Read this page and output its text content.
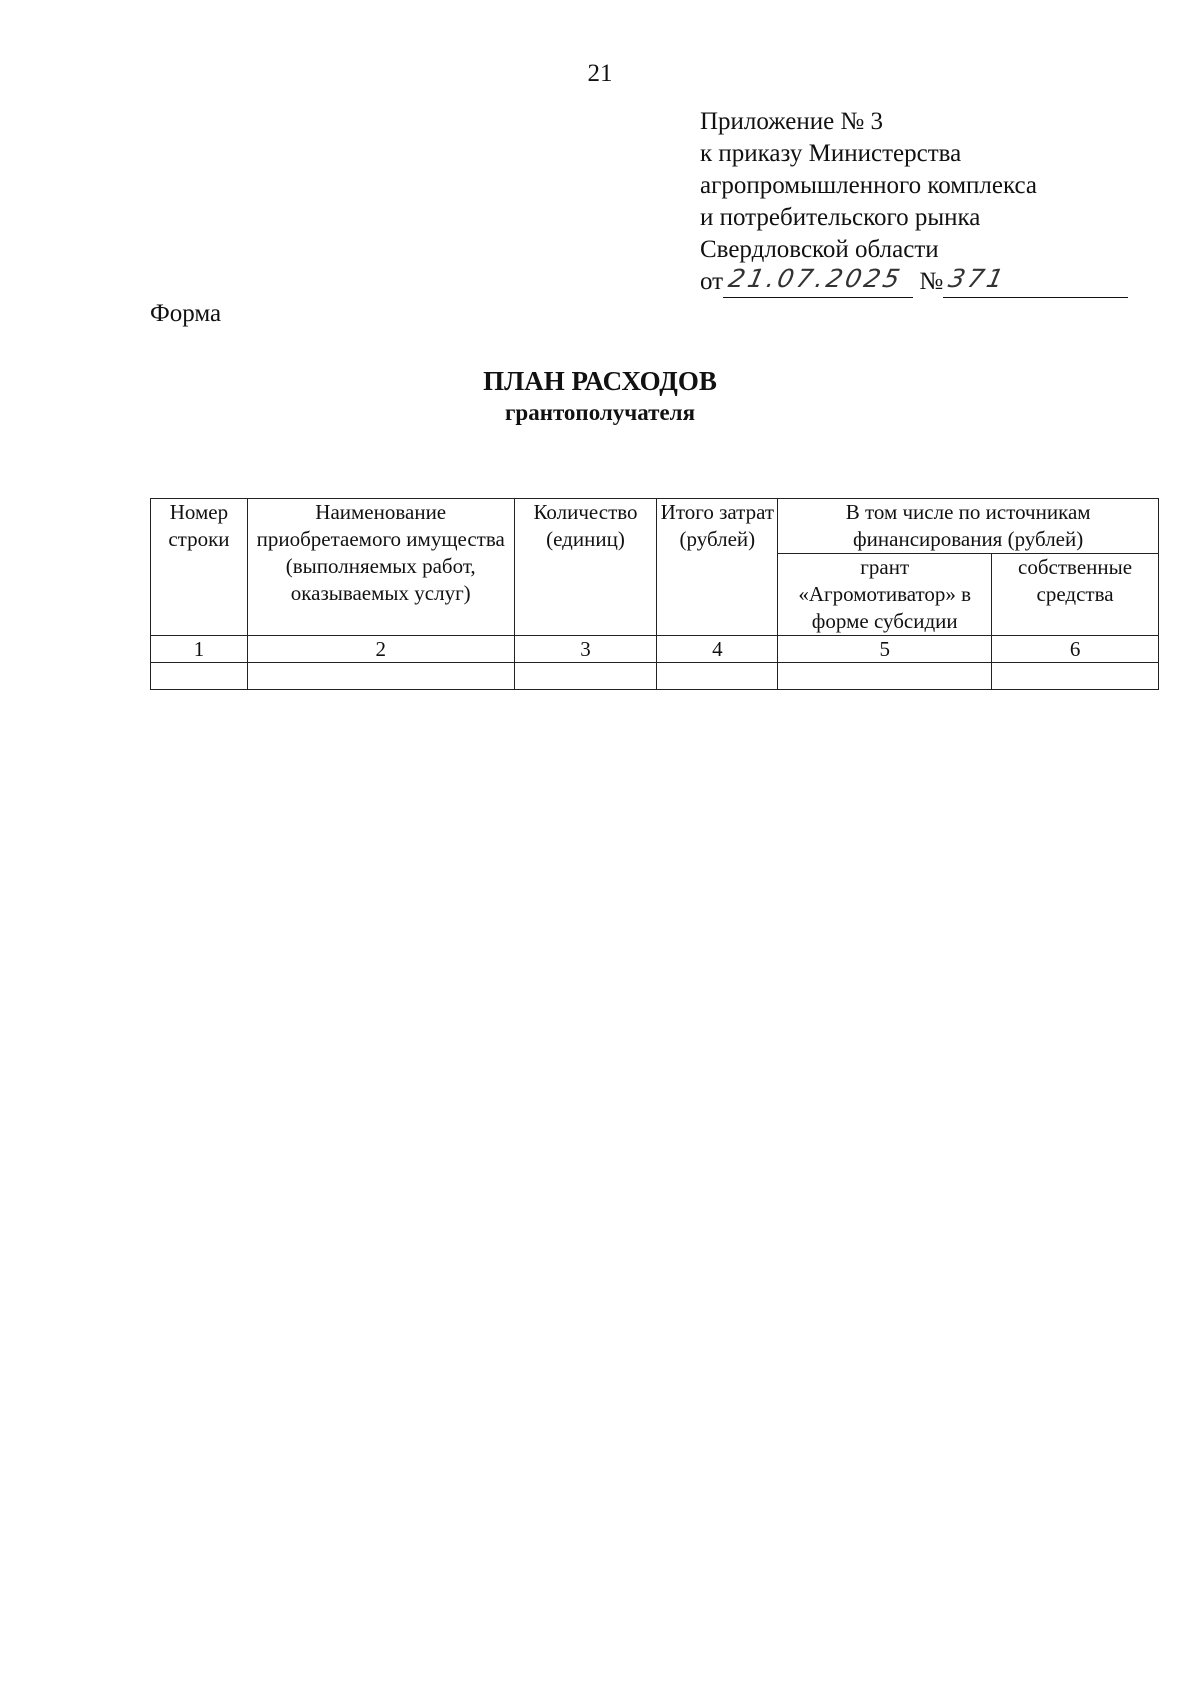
21
Приложение № 3
к приказу Министерства
агропромышленного комплекса
и потребительского рынка
Свердловской области
от 21.07.2025 № 371
Форма
ПЛАН РАСХОДОВ
грантополучателя
Номер строки	Наименование приобретаемого имущества (выполняемых работ, оказываемых услуг)	Количество (единиц)	Итого затрат (рублей)	В том числе по источникам финансирования (рублей)	
				грант «Агромотиватор» в форме субсидии	собственные средства
1	2	3	4	5	6
